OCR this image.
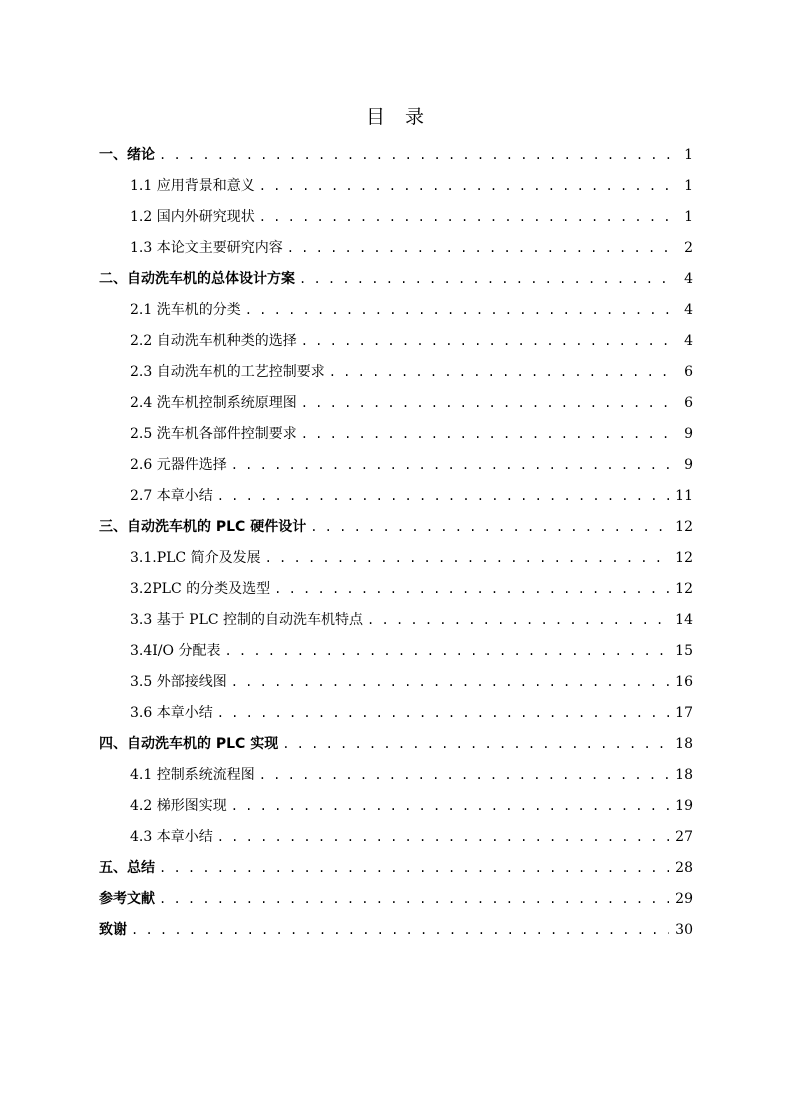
目录
一、绪论 . . .	1
1.1 应用背景和意义 . . .	1
1.2 国内外研究现状 . . .	1
1.3 本论文主要研究内容 . . .	2
二、自动洗车机的总体设计方案 . . .	4
2.1 洗车机的分类 . . .	4
2.2 自动洗车机种类的选择 . . .	4
2.3 自动洗车机的工艺控制要求 . . .	6
2.4 洗车机控制系统原理图 . . .	6
2.5 洗车机各部件控制要求 . . .	9
2.6 元器件选择 . . .	9
2.7 本章小结 . . .	11
三、自动洗车机的 PLC 硬件设计 . . .	12
3.1.PLC 简介及发展 . . .	12
3.2PLC 的分类及选型 . . .	12
3.3 基于 PLC 控制的自动洗车机特点 . . .	14
3.4I/O 分配表 . . .	15
3.5 外部接线图 . . .	16
3.6 本章小结 . . .	17
四、自动洗车机的 PLC 实现 . . .	18
4.1 控制系统流程图 . . .	18
4.2 梯形图实现 . . .	19
4.3 本章小结 . . .	27
五、总结 . . .	28
参考文献 . . .	29
致谢 . . .	30
